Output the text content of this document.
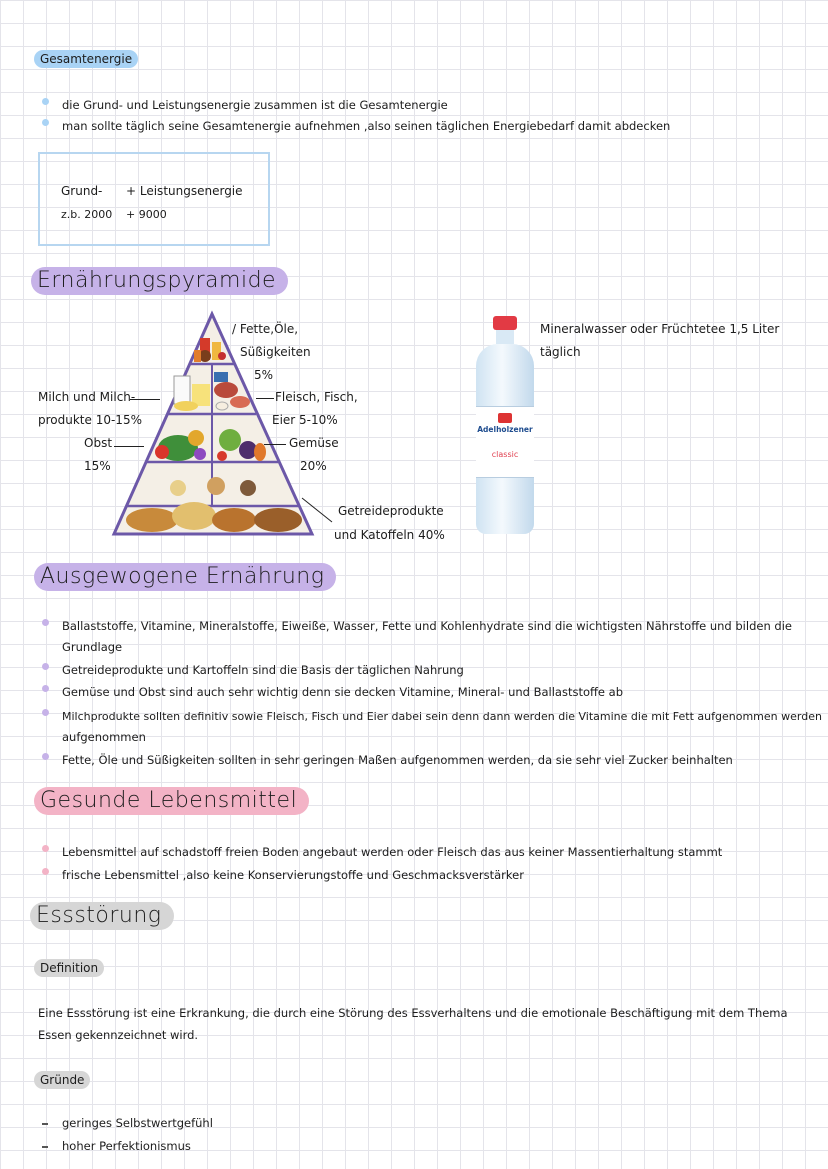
Gesamtenergie
die Grund- und Leistungsenergie zusammen ist die Gesamtenergie
man sollte täglich seine Gesamtenergie aufnehmen ,also seinen täglichen Energiebedarf damit abdecken
Grund- + Leistungsenergie
z.b. 2000 + 9000
Ernährungspyramide
/ Fette,Öle,
Süßigkeiten
5%
Fleisch, Fisch,
Eier 5-10%
Gemüse
20%
Getreideprodukte
und Katoffeln 40%
Milch und Milch-
produkte 10-15%
Obst
15%
Adelholzener
classic
Mineralwasser oder Früchtetee 1,5 Liter
täglich
Ausgewogene Ernährung
Ballaststoffe, Vitamine, Mineralstoffe, Eiweiße, Wasser, Fette und Kohlenhydrate sind die wichtigsten Nährstoffe und bilden die
Grundlage
Getreideprodukte und Kartoffeln sind die Basis der täglichen Nahrung
Gemüse und Obst sind auch sehr wichtig denn sie decken Vitamine, Mineral- und Ballaststoffe ab
Milchprodukte sollten definitiv sowie Fleisch, Fisch und Eier dabei sein denn dann werden die Vitamine die mit Fett aufgenommen werden
aufgenommen
Fette, Öle und Süßigkeiten sollten in sehr geringen Maßen aufgenommen werden, da sie sehr viel Zucker beinhalten
Gesunde Lebensmittel
Lebensmittel auf schadstoff freien Boden angebaut werden oder Fleisch das aus keiner Massentierhaltung stammt
frische Lebensmittel ,also keine Konservierungstoffe und Geschmacksverstärker
Essstörung
Definition
Eine Essstörung ist eine Erkrankung, die durch eine Störung des Essverhaltens und die emotionale Beschäftigung mit dem Thema
Essen gekennzeichnet wird.
Gründe
geringes Selbstwertgefühl
hoher Perfektionismus
